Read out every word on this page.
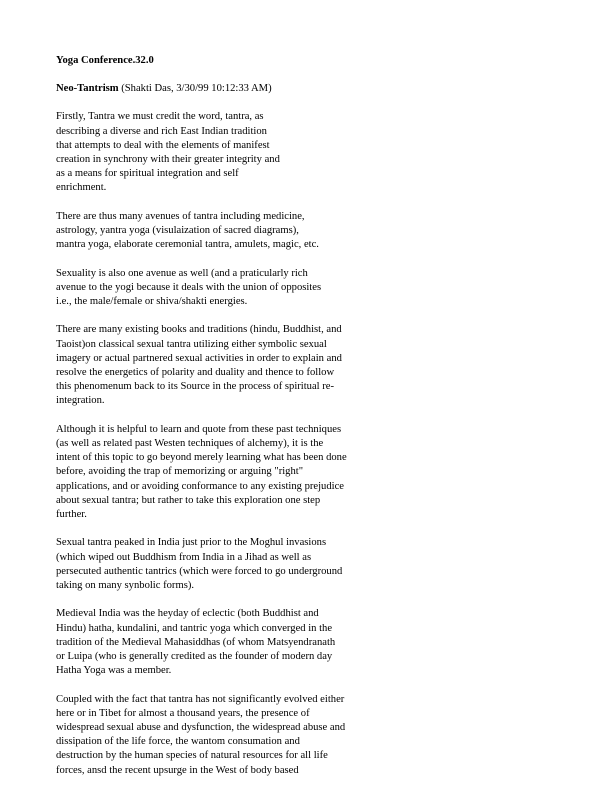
Yoga Conference.32.0
Neo-Tantrism (Shakti Das, 3/30/99 10:12:33 AM)
Firstly, Tantra we must credit the word, tantra, as
describing a diverse and rich East Indian tradition
that attempts to deal with the elements of manifest
creation in synchrony with their greater integrity and
as a means for spiritual integration and self
enrichment.
There are thus many avenues of tantra including medicine,
astrology, yantra yoga (visulaization of sacred diagrams),
mantra yoga, elaborate ceremonial tantra, amulets, magic, etc.
Sexuality is also one avenue as well (and a praticularly rich
avenue to the yogi because it deals with the union of opposites
i.e., the male/female or shiva/shakti energies.
There are many existing books and traditions (hindu, Buddhist, and
Taoist)on classical sexual tantra utilizing either symbolic sexual
imagery or actual partnered sexual activities in order to explain and
resolve the energetics of polarity and duality and thence to follow
this phenomenum back to its Source in the process of spiritual re-
integration.
Although it is helpful to learn and quote from these past techniques
(as well as related past Westen techniques of alchemy), it is the
intent of this topic to go beyond merely learning what has been done
before, avoiding the trap of memorizing or arguing "right"
applications, and or avoiding conformance to any existing prejudice
about sexual tantra; but rather to take this exploration one step
further.
Sexual tantra peaked in India just prior to the Moghul invasions
(which wiped out Buddhism from India in a Jihad as well as
persecuted authentic tantrics (which were forced to go underground
taking on many synbolic forms).
Medieval India was the heyday of eclectic (both Buddhist and
Hindu) hatha, kundalini, and tantric yoga which converged in the
tradition of the Medieval Mahasiddhas (of whom Matsyendranath
or Luipa (who is generally credited as the founder of modern day
Hatha Yoga was a member.
Coupled with the fact that tantra has not significantly evolved either
here or in Tibet for almost a thousand years, the presence of
widespread sexual abuse and dysfunction, the widespread abuse and
dissipation of the life force, the wantom consumation and
destruction by the human species of natural resources for all life
forces, ansd the recent upsurge in the West of body based
